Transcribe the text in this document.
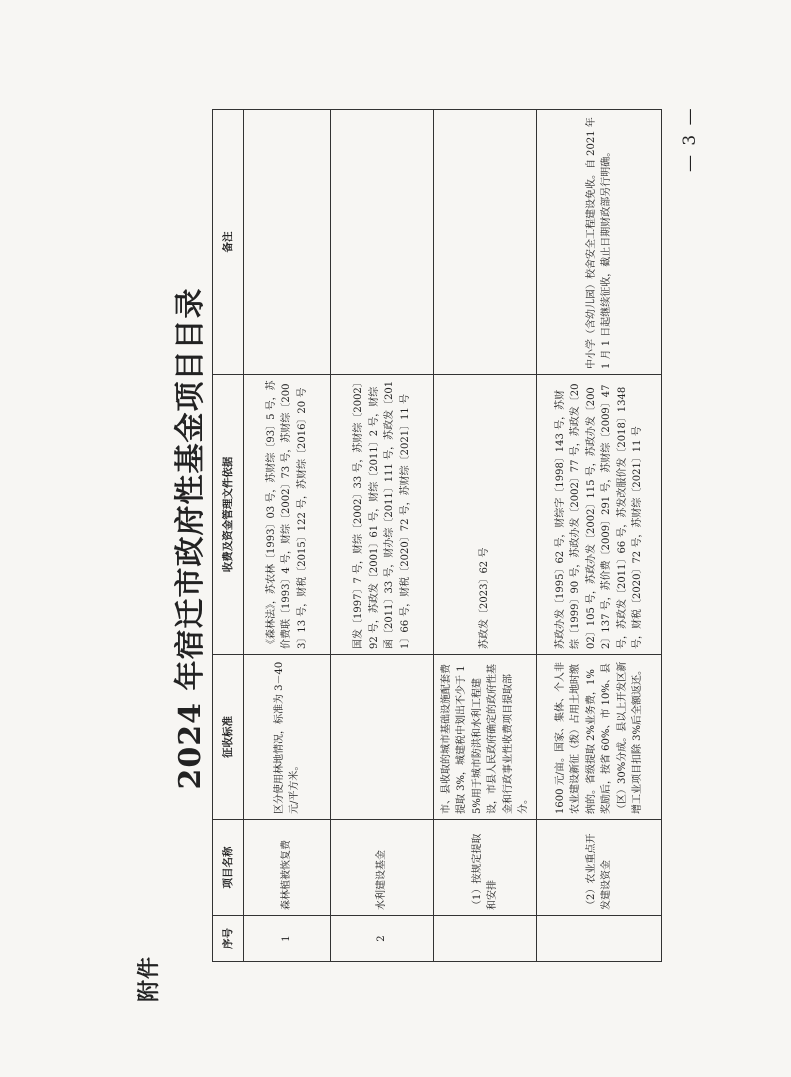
附件
2024 年宿迁市政府性基金项目目录
序号	项目名称	征收标准	收费及资金管理文件依据	备注
1	森林植被恢复费	区分使用林地情况，标准为 3－40 元/平方米。	《森林法》，苏农林〔1993〕03 号，苏财综〔93〕5 号，苏价费联〔1993〕4 号，财综〔2002〕73 号，苏财综〔2003〕13 号，财税〔2015〕122 号，苏财综〔2016〕20 号	
2	水利建设基金		国发〔1997〕7 号，财综〔2002〕33 号，苏财综〔2002〕92 号，苏政发〔2001〕61 号，财综〔2011〕2 号，财综函〔2011〕33 号，财办综〔2011〕111 号，苏政发〔2011〕66 号，财税〔2020〕72 号，苏财综〔2021〕11 号	
	（1）按规定提取和安排	市、县收取的城市基础设施配套费提取 3%，城建税中划出不少于 15%用于城市防洪和水利工程建设，市县人民政府确定的政府性基金和行政事业性收费项目提取部分。	苏政发〔2023〕62 号	
	（2）农业重点开发建设资金	1600 元/亩。国家、集体、个人非农业建设新征（拨）占用土地时缴纳的。省级提取 2%业务费，1%奖励后，按省 60%、市 10%、县（区）30%分成。县以上开发区新增工业项目扣除 3%后全额返还。	苏政办发〔1995〕62 号，财综字〔1998〕143 号，苏财综〔1999〕90 号，苏政办发〔2002〕77 号，苏政发〔2002〕105 号，苏政办发〔2002〕115 号，苏政办发〔2002〕137 号，苏价费〔2009〕291 号，苏财综〔2009〕47 号，苏政发〔2011〕66 号，苏发改服价发〔2018〕1348 号，财税〔2020〕72 号，苏财综〔2021〕11 号	中小学（含幼儿园）校舍安全工程建设免收。自 2021 年 1 月 1 日起继续征收，截止日期财政部另行明确。
— 3 —
